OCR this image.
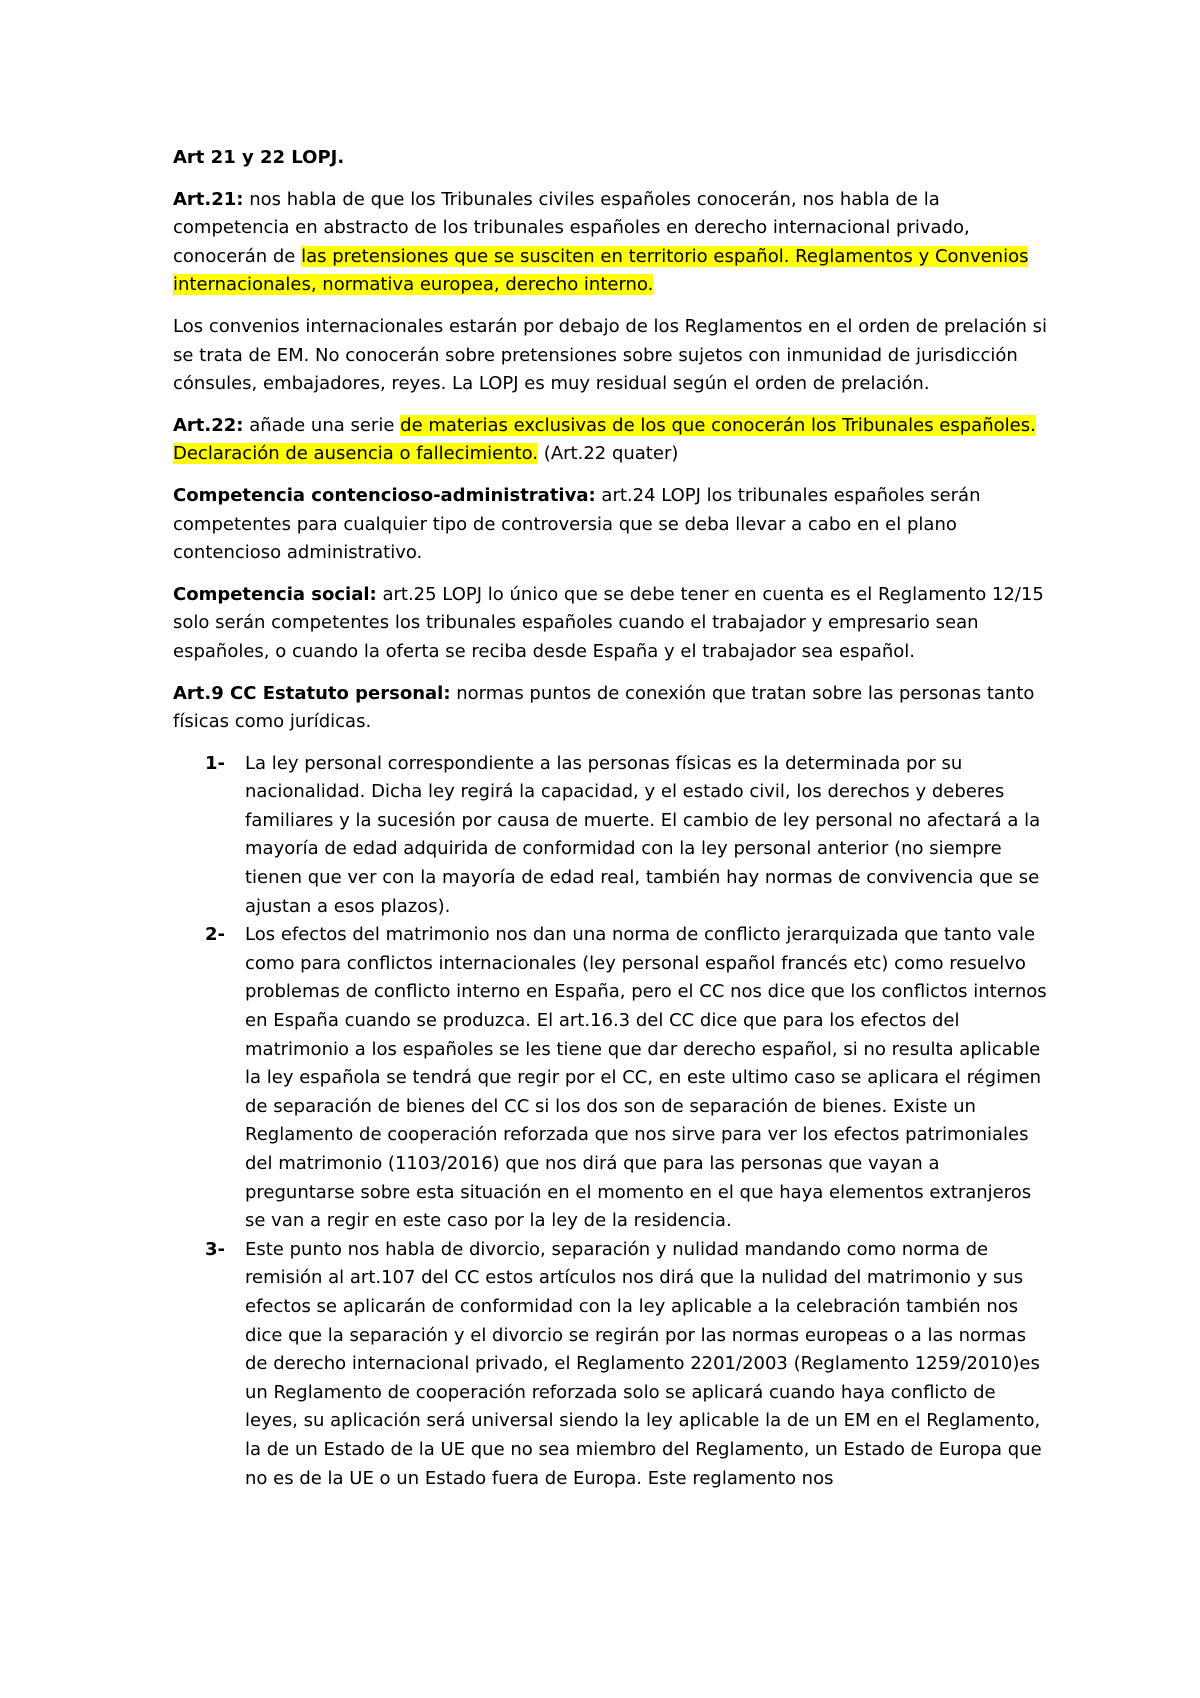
Art 21 y 22 LOPJ.

Art.21: nos habla de que los Tribunales civiles españoles conocerán, nos habla de la competencia en abstracto de los tribunales españoles en derecho internacional privado, conocerán de las pretensiones que se susciten en territorio español. Reglamentos y Convenios internacionales, normativa europea, derecho interno.

Los convenios internacionales estarán por debajo de los Reglamentos en el orden de prelación si se trata de EM. No conocerán sobre pretensiones sobre sujetos con inmunidad de jurisdicción cónsules, embajadores, reyes. La LOPJ es muy residual según el orden de prelación.

Art.22: añade una serie de materias exclusivas de los que conocerán los Tribunales españoles. Declaración de ausencia o fallecimiento. (Art.22 quater)

Competencia contencioso-administrativa: art.24 LOPJ los tribunales españoles serán competentes para cualquier tipo de controversia que se deba llevar a cabo en el plano contencioso administrativo.

Competencia social: art.25 LOPJ lo único que se debe tener en cuenta es el Reglamento 12/15 solo serán competentes los tribunales españoles cuando el trabajador y empresario sean españoles, o cuando la oferta se reciba desde España y el trabajador sea español.

Art.9 CC Estatuto personal: normas puntos de conexión que tratan sobre las personas tanto físicas como jurídicas.

1- La ley personal correspondiente a las personas físicas es la determinada por su nacionalidad. Dicha ley regirá la capacidad, y el estado civil, los derechos y deberes familiares y la sucesión por causa de muerte. El cambio de ley personal no afectará a la mayoría de edad adquirida de conformidad con la ley personal anterior (no siempre tienen que ver con la mayoría de edad real, también hay normas de convivencia que se ajustan a esos plazos).
2- Los efectos del matrimonio nos dan una norma de conflicto jerarquizada que tanto vale como para conflictos internacionales (ley personal español francés etc) como resuelvo problemas de conflicto interno en España, pero el CC nos dice que los conflictos internos en España cuando se produzca. El art.16.3 del CC dice que para los efectos del matrimonio a los españoles se les tiene que dar derecho español, si no resulta aplicable la ley española se tendrá que regir por el CC, en este ultimo caso se aplicara el régimen de separación de bienes del CC si los dos son de separación de bienes. Existe un Reglamento de cooperación reforzada que nos sirve para ver los efectos patrimoniales del matrimonio (1103/2016) que nos dirá que para las personas que vayan a preguntarse sobre esta situación en el momento en el que haya elementos extranjeros se van a regir en este caso por la ley de la residencia.
3- Este punto nos habla de divorcio, separación y nulidad mandando como norma de remisión al art.107 del CC estos artículos nos dirá que la nulidad del matrimonio y sus efectos se aplicarán de conformidad con la ley aplicable a la celebración también nos dice que la separación y el divorcio se regirán por las normas europeas o a las normas de derecho internacional privado, el Reglamento 2201/2003 (Reglamento 1259/2010)es un Reglamento de cooperación reforzada solo se aplicará cuando haya conflicto de leyes, su aplicación será universal siendo la ley aplicable la de un EM en el Reglamento, la de un Estado de la UE que no sea miembro del Reglamento, un Estado de Europa que no es de la UE o un Estado fuera de Europa. Este reglamento nos
